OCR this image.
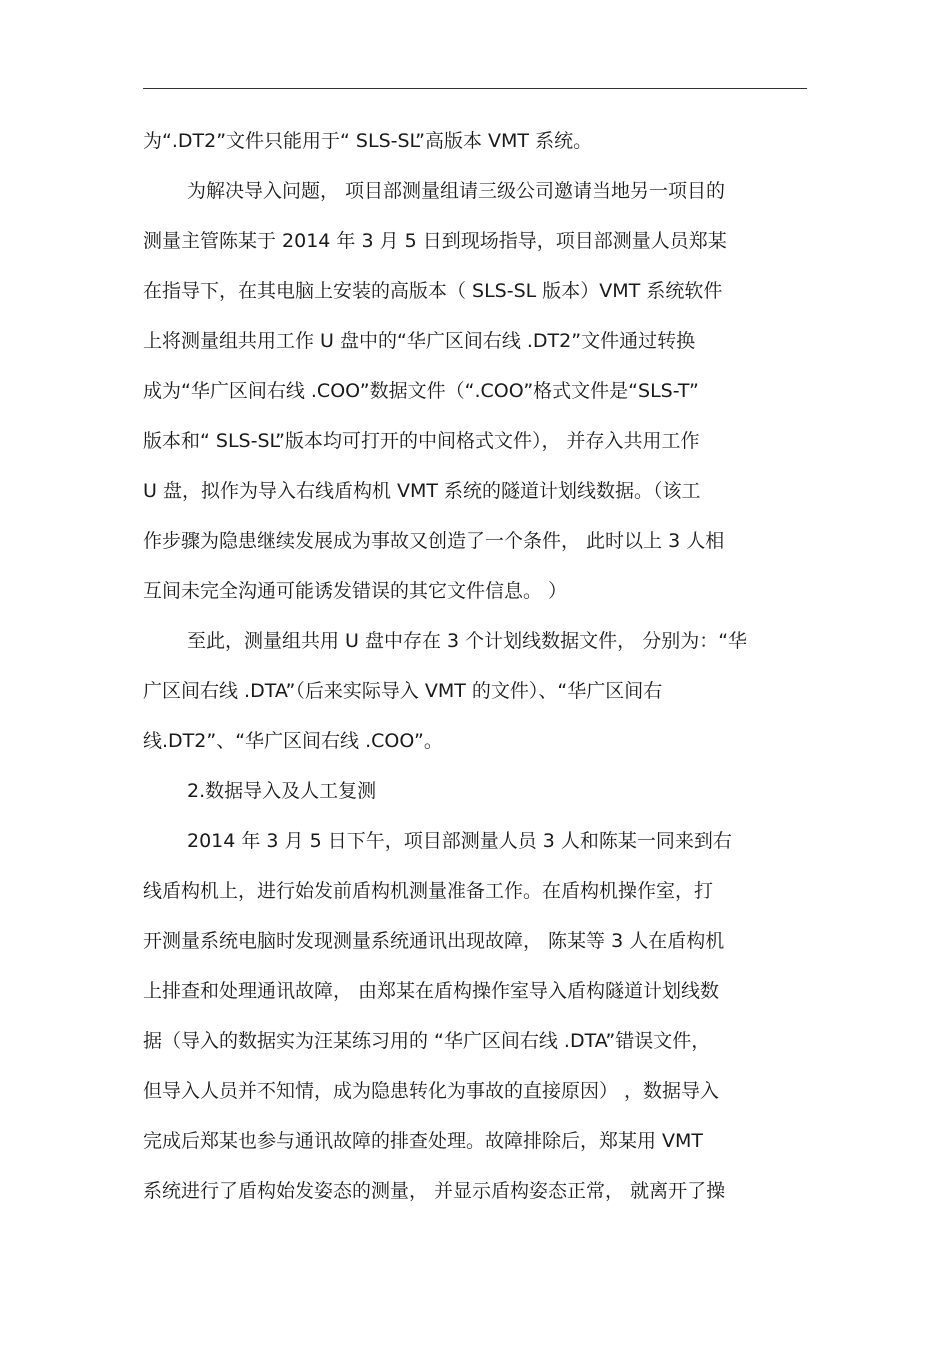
为“.DT2”文件只能用于“ SLS-SL”高版本 VMT 系统。
为解决导入问题， 项目部测量组请三级公司邀请当地另一项目的
测量主管陈某于 2014 年 3 月 5 日到现场指导，项目部测量人员郑某
在指导下，在其电脑上安装的高版本（ SLS-SL 版本）VMT 系统软件
上将测量组共用工作 U 盘中的“华广区间右线 .DT2”文件通过转换
成为“华广区间右线 .COO”数据文件（“.COO”格式文件是“SLS-T”
版本和“ SLS-SL”版本均可打开的中间格式文件）， 并存入共用工作
U 盘，拟作为导入右线盾构机 VMT 系统的隧道计划线数据。（该工
作步骤为隐患继续发展成为事故又创造了一个条件， 此时以上 3 人相
互间未完全沟通可能诱发错误的其它文件信息。 ）
至此，测量组共用 U 盘中存在 3 个计划线数据文件， 分别为：“华
广区间右线 .DTA”（后来实际导入 VMT 的文件）、“华广区间右
线.DT2”、“华广区间右线 .COO”。
2.数据导入及人工复测
2014 年 3 月 5 日下午，项目部测量人员 3 人和陈某一同来到右
线盾构机上，进行始发前盾构机测量准备工作。在盾构机操作室，打
开测量系统电脑时发现测量系统通讯出现故障， 陈某等 3 人在盾构机
上排查和处理通讯故障， 由郑某在盾构操作室导入盾构隧道计划线数
据（导入的数据实为汪某练习用的 “华广区间右线 .DTA”错误文件，
但导入人员并不知情，成为隐患转化为事故的直接原因） ，数据导入
完成后郑某也参与通讯故障的排查处理。故障排除后，郑某用 VMT
系统进行了盾构始发姿态的测量， 并显示盾构姿态正常， 就离开了操
